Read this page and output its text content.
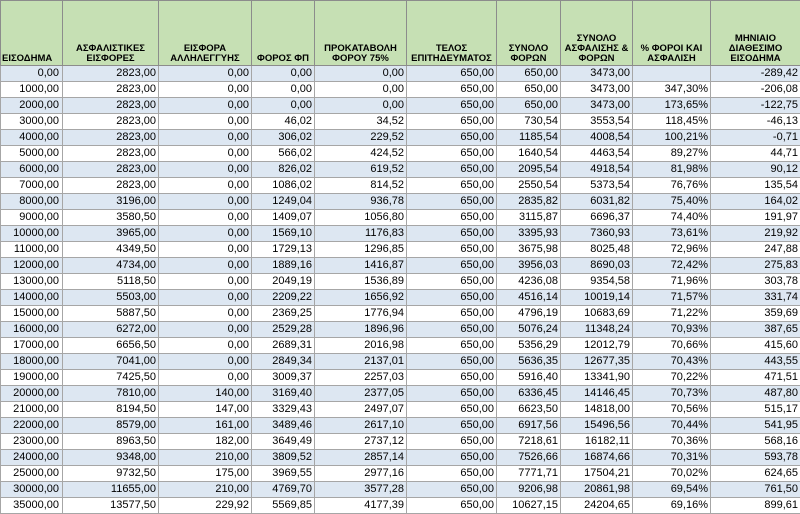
ΕΙΣΟΔΗΜΑ	ΑΣΦΑΛΙΣΤΙΚΕΣ ΕΙΣΦΟΡΕΣ	ΕΙΣΦΟΡΑ ΑΛΛΗΛΕΓΓΥΗΣ	ΦΟΡΟΣ ΦΠ	ΠΡΟΚΑΤΑΒΟΛΗ ΦΟΡΟΥ 75%	ΤΕΛΟΣ ΕΠΙΤΗΔΕΥΜΑΤΟΣ	ΣΥΝΟΛΟ ΦΟΡΩΝ	ΣΥΝΟΛΟ ΑΣΦΑΛΙΣΗΣ & ΦΟΡΩΝ	% ΦΟΡΟΙ ΚΑΙ ΑΣΦΑΛΙΣΗ	ΜΗΝΙΑΙΟ ΔΙΑΘΕΣΙΜΟ ΕΙΣΟΔΗΜΑ
0,00	2823,00	0,00	0,00	0,00	650,00	650,00	3473,00		-289,42
1000,00	2823,00	0,00	0,00	0,00	650,00	650,00	3473,00	347,30%	-206,08
2000,00	2823,00	0,00	0,00	0,00	650,00	650,00	3473,00	173,65%	-122,75
3000,00	2823,00	0,00	46,02	34,52	650,00	730,54	3553,54	118,45%	-46,13
4000,00	2823,00	0,00	306,02	229,52	650,00	1185,54	4008,54	100,21%	-0,71
5000,00	2823,00	0,00	566,02	424,52	650,00	1640,54	4463,54	89,27%	44,71
6000,00	2823,00	0,00	826,02	619,52	650,00	2095,54	4918,54	81,98%	90,12
7000,00	2823,00	0,00	1086,02	814,52	650,00	2550,54	5373,54	76,76%	135,54
8000,00	3196,00	0,00	1249,04	936,78	650,00	2835,82	6031,82	75,40%	164,02
9000,00	3580,50	0,00	1409,07	1056,80	650,00	3115,87	6696,37	74,40%	191,97
10000,00	3965,00	0,00	1569,10	1176,83	650,00	3395,93	7360,93	73,61%	219,92
11000,00	4349,50	0,00	1729,13	1296,85	650,00	3675,98	8025,48	72,96%	247,88
12000,00	4734,00	0,00	1889,16	1416,87	650,00	3956,03	8690,03	72,42%	275,83
13000,00	5118,50	0,00	2049,19	1536,89	650,00	4236,08	9354,58	71,96%	303,78
14000,00	5503,00	0,00	2209,22	1656,92	650,00	4516,14	10019,14	71,57%	331,74
15000,00	5887,50	0,00	2369,25	1776,94	650,00	4796,19	10683,69	71,22%	359,69
16000,00	6272,00	0,00	2529,28	1896,96	650,00	5076,24	11348,24	70,93%	387,65
17000,00	6656,50	0,00	2689,31	2016,98	650,00	5356,29	12012,79	70,66%	415,60
18000,00	7041,00	0,00	2849,34	2137,01	650,00	5636,35	12677,35	70,43%	443,55
19000,00	7425,50	0,00	3009,37	2257,03	650,00	5916,40	13341,90	70,22%	471,51
20000,00	7810,00	140,00	3169,40	2377,05	650,00	6336,45	14146,45	70,73%	487,80
21000,00	8194,50	147,00	3329,43	2497,07	650,00	6623,50	14818,00	70,56%	515,17
22000,00	8579,00	161,00	3489,46	2617,10	650,00	6917,56	15496,56	70,44%	541,95
23000,00	8963,50	182,00	3649,49	2737,12	650,00	7218,61	16182,11	70,36%	568,16
24000,00	9348,00	210,00	3809,52	2857,14	650,00	7526,66	16874,66	70,31%	593,78
25000,00	9732,50	175,00	3969,55	2977,16	650,00	7771,71	17504,21	70,02%	624,65
30000,00	11655,00	210,00	4769,70	3577,28	650,00	9206,98	20861,98	69,54%	761,50
35000,00	13577,50	229,92	5569,85	4177,39	650,00	10627,15	24204,65	69,16%	899,61
